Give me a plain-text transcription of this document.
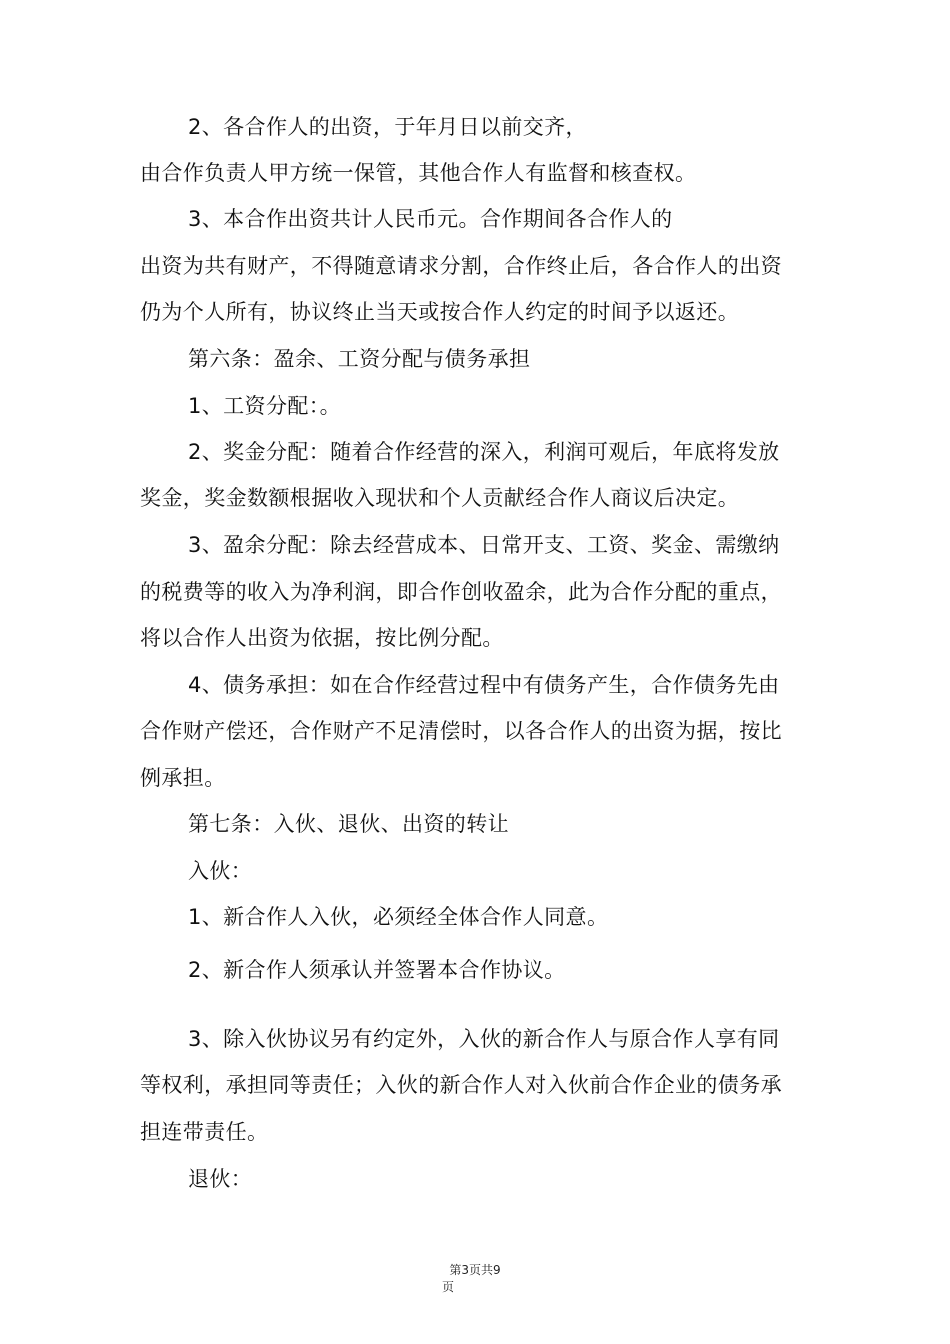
2、各合作人的出资，于年月日以前交齐，
由合作负责人甲方统一保管，其他合作人有监督和核查权。
3、本合作出资共计人民币元。合作期间各合作人的
出资为共有财产，不得随意请求分割，合作终止后，各合作人的出资
仍为个人所有，协议终止当天或按合作人约定的时间予以返还。
第六条：盈余、工资分配与债务承担
1、工资分配：。
2、奖金分配：随着合作经营的深入，利润可观后，年底将发放
奖金，奖金数额根据收入现状和个人贡献经合作人商议后决定。
3、盈余分配：除去经营成本、日常开支、工资、奖金、需缴纳
的税费等的收入为净利润，即合作创收盈余，此为合作分配的重点，
将以合作人出资为依据，按比例分配。
4、债务承担：如在合作经营过程中有债务产生，合作债务先由
合作财产偿还，合作财产不足清偿时，以各合作人的出资为据，按比
例承担。
第七条：入伙、退伙、出资的转让
入伙：
1、新合作人入伙，必须经全体合作人同意。
2、新合作人须承认并签署本合作协议。
3、除入伙协议另有约定外，入伙的新合作人与原合作人享有同
等权利，承担同等责任；入伙的新合作人对入伙前合作企业的债务承
担连带责任。
退伙：
第3页共9
页
